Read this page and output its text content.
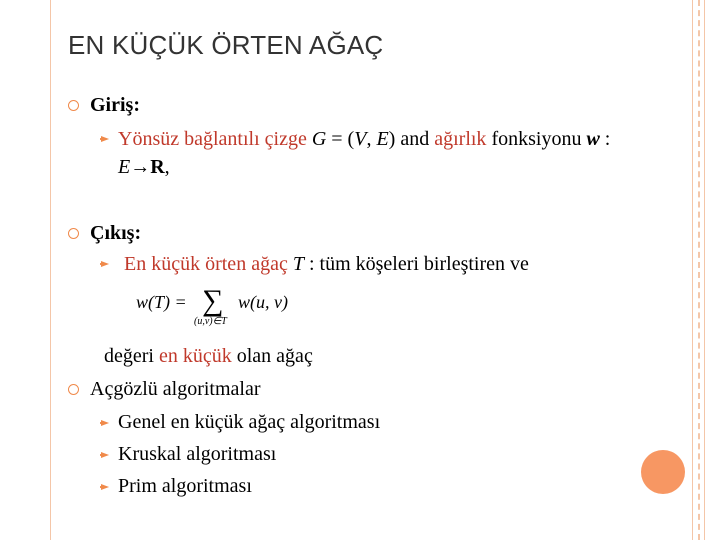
EN KÜÇÜK ÖRTEN AĞAÇ
Giriş:
Yönsüz bağlantılı çizge G = (V, E) and ağırlık fonksiyonu w :
E→R,
Çıkış:
En küçük örten ağaç T : tüm köşeleri birleştiren ve
w(T) = ∑ w(u, v)
(u,v)∈T
değeri en küçük olan ağaç
Açgözlü algoritmalar
Genel en küçük ağaç algoritması
Kruskal algoritması
Prim algoritması
